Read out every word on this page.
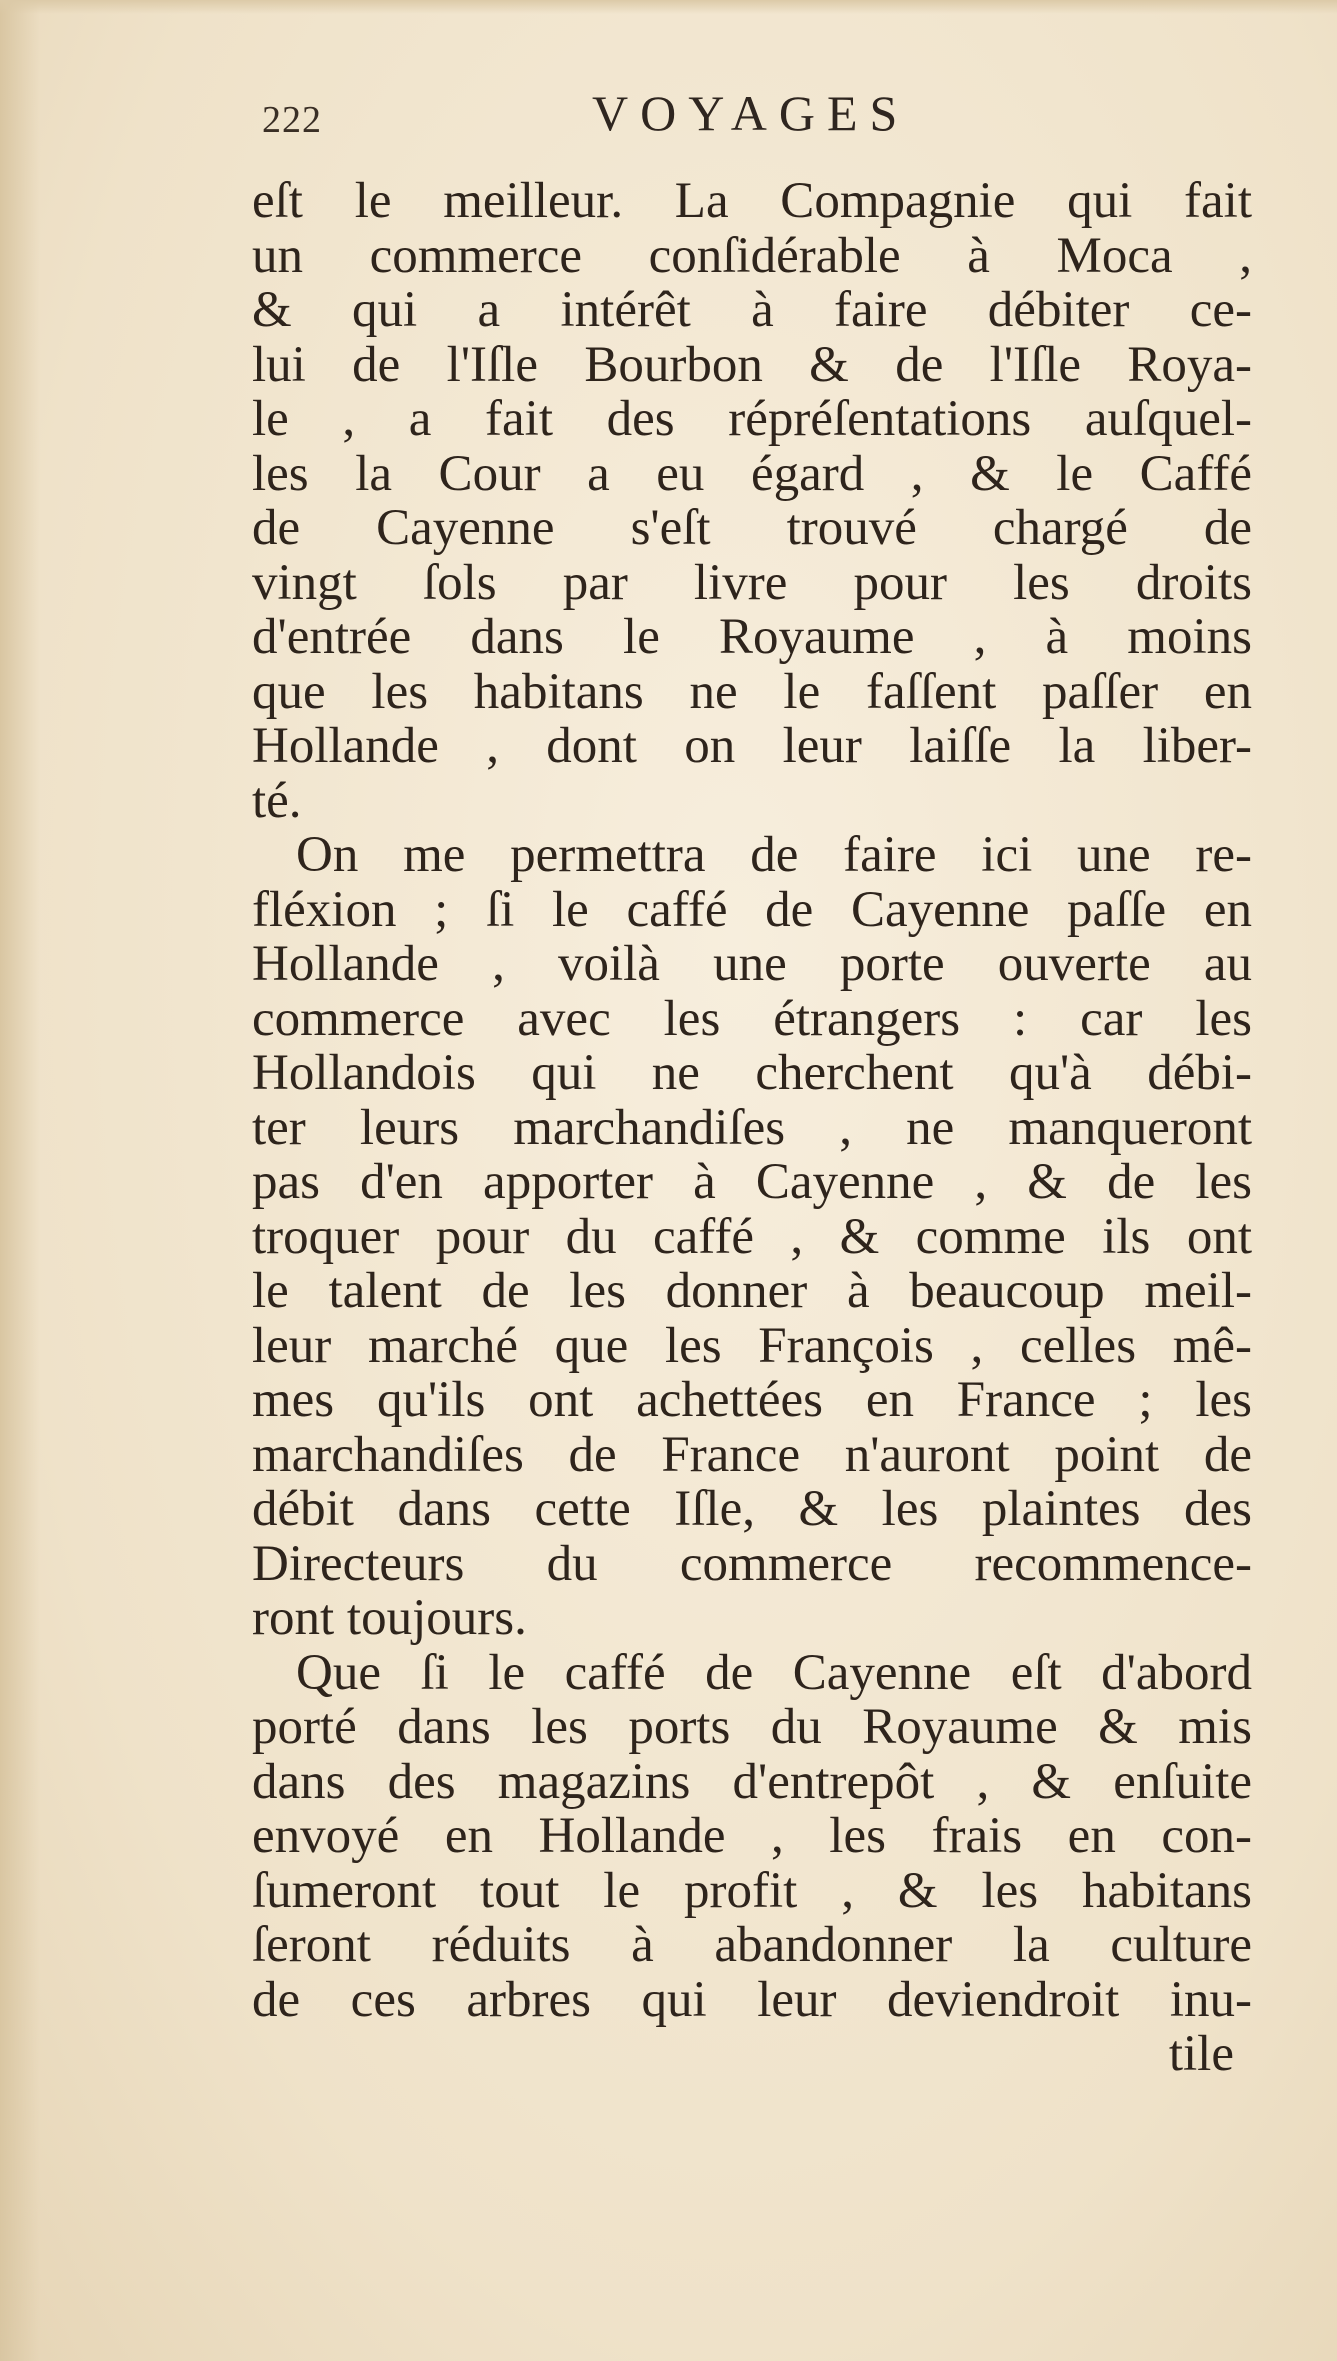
222	VOYAGES
eſt le meilleur. La Compagnie qui fait
un commerce conſidérable à Moca ,
& qui a intérêt à faire débiter ce-
lui de l'Iſle Bourbon & de l'Iſle Roya-
le , a fait des répréſentations auſquel-
les la Cour a eu égard , & le Caffé
de Cayenne s'eſt trouvé chargé de
vingt ſols par livre pour les droits
d'entrée dans le Royaume , à moins
que les habitans ne le faſſent paſſer en
Hollande , dont on leur laiſſe la liber-
té.
On me permettra de faire ici une re-
fléxion ; ſi le caffé de Cayenne paſſe en
Hollande , voilà une porte ouverte au
commerce avec les étrangers : car les
Hollandois qui ne cherchent qu'à débi-
ter leurs marchandiſes , ne manqueront
pas d'en apporter à Cayenne , & de les
troquer pour du caffé , & comme ils ont
le talent de les donner à beaucoup meil-
leur marché que les François , celles mê-
mes qu'ils ont achettées en France ; les
marchandiſes de France n'auront point de
débit dans cette Iſle, & les plaintes des
Directeurs du commerce recommence-
ront toujours.
Que ſi le caffé de Cayenne eſt d'abord
porté dans les ports du Royaume & mis
dans des magazins d'entrepôt , & enſuite
envoyé en Hollande , les frais en con-
ſumeront tout le profit , & les habitans
ſeront réduits à abandonner la culture
de ces arbres qui leur deviendroit inu-
tile
